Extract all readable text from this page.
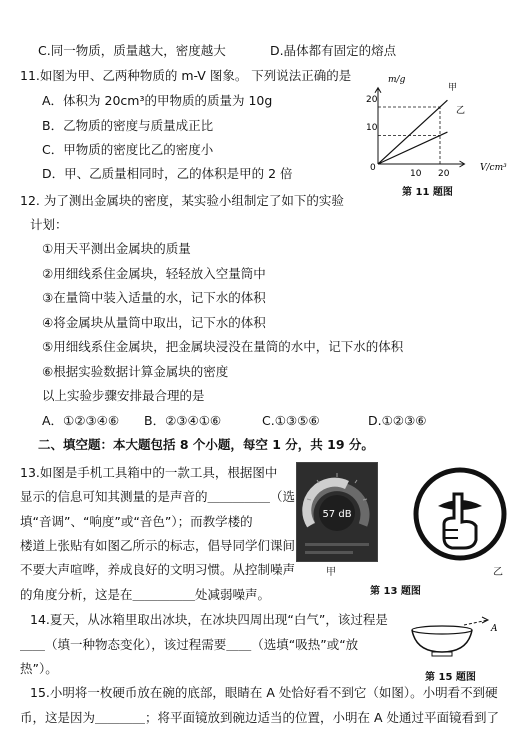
C.同一物质，质量越大，密度越大	D.晶体都有固定的熔点
11.如图为甲、乙两种物质的 m-V 图象。 下列说法正确的是
A．体积为 20cm³的甲物质的质量为 10g
B．乙物质的密度与质量成正比
C．甲物质的密度比乙的密度小
D．甲、乙质量相同时，乙的体积是甲的 2 倍
m/g
V/cm³
0
10
20
10 20
甲
乙
第 11 题图
12. 为了测出金属块的密度，某实验小组制定了如下的实验
计划：
①用天平测出金属块的质量
②用细线系住金属块，轻轻放入空量筒中
③在量筒中装入适量的水，记下水的体积
④将金属块从量筒中取出，记下水的体积
⑤用细线系住金属块，把金属块浸没在量筒的水中，记下水的体积
⑥根据实验数据计算金属块的密度
以上实验步骤安排最合理的是
A．①②③④⑥ B．②③④①⑥	C.①③⑤⑥	D.①②③⑥
二、填空题：本大题包括 8 个小题，每空 1 分，共 19 分。
13.如图是手机工具箱中的一款工具，根据图中
显示的信息可知其测量的是声音的＿＿＿＿＿（选
填“音调”、“响度”或“音色”）；而教学楼的
楼道上张贴有如图乙所示的标志，倡导同学们课间
不要大声喧哗，养成良好的文明习惯。从控制噪声
的角度分析，这是在＿＿＿＿＿处减弱噪声。
57 dB
甲	乙
第 13 题图
14.夏天，从冰箱里取出冰块，在冰块四周出现“白气”，该过程是
＿＿（填一种物态变化），该过程需要＿＿（选填“吸热”或“放
热”）。
A
第 15 题图
15.小明将一枚硬币放在碗的底部，眼睛在 A 处恰好看不到它（如图）。小明看不到硬
币，这是因为＿＿＿＿；将平面镜放到碗边适当的位置，小明在 A 处通过平面镜看到了
